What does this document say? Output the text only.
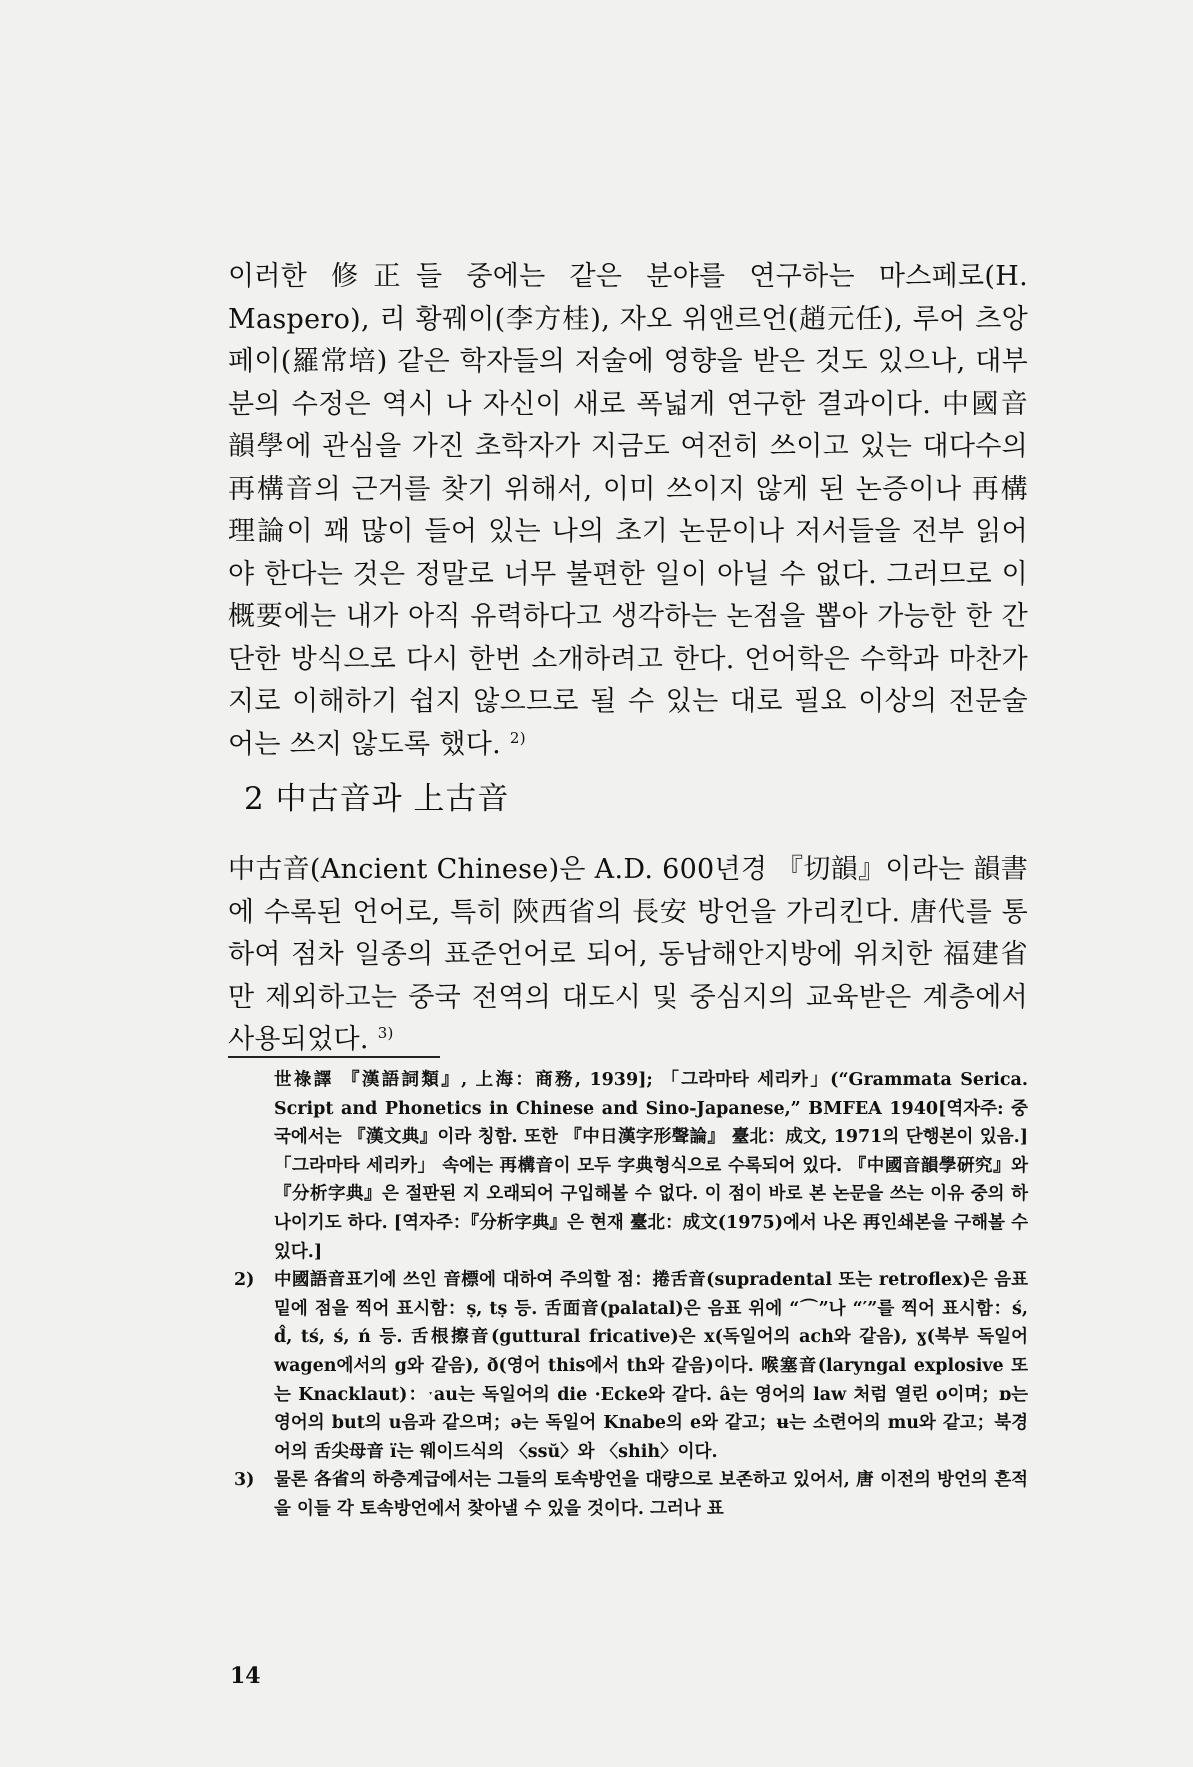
이러한 修正들 중에는 같은 분야를 연구하는 마스페로(H. Maspero), 리 황꿰이(李方桂), 자오 위앤르언(趙元任), 루어 츠앙페이(羅常培) 같은 학자들의 저술에 영향을 받은 것도 있으나, 대부분의 수정은 역시 나 자신이 새로 폭넓게 연구한 결과이다. 中國音韻學에 관심을 가진 초학자가 지금도 여전히 쓰이고 있는 대다수의 再構音의 근거를 찾기 위해서, 이미 쓰이지 않게 된 논증이나 再構理論이 꽤 많이 들어 있는 나의 초기 논문이나 저서들을 전부 읽어야 한다는 것은 정말로 너무 불편한 일이 아닐 수 없다. 그러므로 이 概要에는 내가 아직 유력하다고 생각하는 논점을 뽑아 가능한 한 간단한 방식으로 다시 한번 소개하려고 한다. 언어학은 수학과 마찬가지로 이해하기 쉽지 않으므로 될 수 있는 대로 필요 이상의 전문술어는 쓰지 않도록 했다. $^{2)}$

2 中古音과 上古音

中古音(Ancient Chinese)은 A.D. 600년경 『切韻』이라는 韻書에 수록된 언어로, 특히 陝西省의 長安 방언을 가리킨다. 唐代를 통하여 점차 일종의 표준언어로 되어, 동남해안지방에 위치한 福建省만 제외하고는 중국 전역의 대도시 및 중심지의 교육받은 계층에서 사용되었다. $^{3)}$

世祿譯 『漢語詞類』, 上海：商務, 1939]; 「그라마타 세리카」(“Grammata Serica. Script and Phonetics in Chinese and Sino-Japanese,” BMFEA 1940[역자주: 중국에서는 『漢文典』이라 칭함. 또한 『中日漢字形聲論』 臺北：成文, 1971의 단행본이 있음.] 「그라마타 세리카」 속에는 再構音이 모두 字典형식으로 수록되어 있다. 『中國音韻學硏究』와 『分析字典』은 절판된 지 오래되어 구입해볼 수 없다. 이 점이 바로 본 논문을 쓰는 이유 중의 하나이기도 하다. [역자주：『分析字典』은 현재 臺北：成文(1975)에서 나온 再인쇄본을 구해볼 수 있다.]
2)	中國語音표기에 쓰인 音標에 대하여 주의할 점：捲舌音(supradental 또는 retroflex)은 음표 밑에 점을 찍어 표시함：ṣ, tṣ 등. 舌面音(palatal)은 음표 위에 “⌒”나 “′”를 찍어 표시함：ś, d̂, tś, ś, ń 등. 舌根擦音(guttural fricative)은 x(독일어의 ach와 같음), ɣ(북부 독일어 wagen에서의 g와 같음), ð(영어 this에서 th와 같음)이다. 喉塞音(laryngal explosive 또는 Knacklaut)：ˑau는 독일어의 die ·Ecke와 같다. â는 영어의 law 처럼 열린 o이며；ɒ는 영어의 but의 u음과 같으며；ə는 독일어 Knabe의 e와 같고；ʉ는 소련어의 mu와 같고；북경어의 舌尖母音 ï는 웨이드식의 〈ssŭ〉와 〈shih〉이다.
3)	물론 各省의 하층계급에서는 그들의 토속방언을 대량으로 보존하고 있어서, 唐 이전의 방언의 흔적을 이들 각 토속방언에서 찾아낼 수 있을 것이다. 그러나 표
14
